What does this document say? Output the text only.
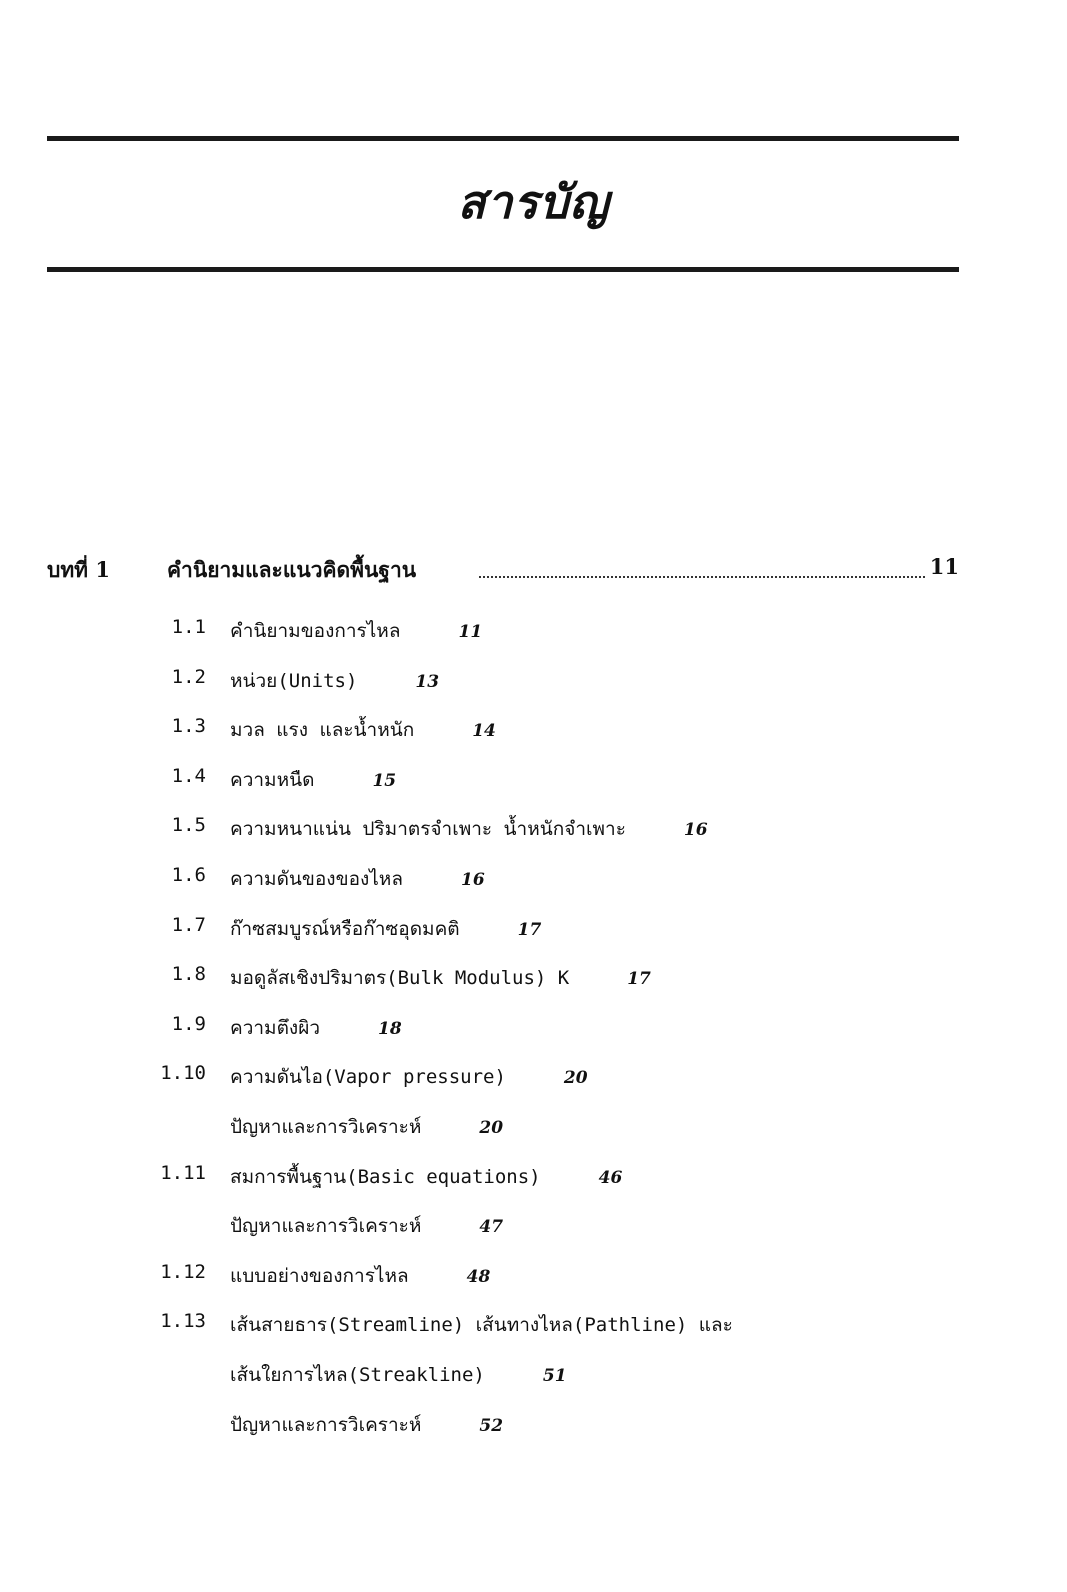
สารบัญ
บทที่ 1	คำนิยามและแนวคิดพื้นฐาน	11
1.1 คำนิยามของการไหล	11
1.2 หน่วย(Units)	13
1.3 มวล แรง และน้ำหนัก	14
1.4 ความหนืด	15
1.5 ความหนาแน่น ปริมาตรจำเพาะ น้ำหนักจำเพาะ	16
1.6 ความดันของของไหล	16
1.7 ก๊าซสมบูรณ์หรือก๊าซอุดมคติ	17
1.8 มอดูลัสเชิงปริมาตร(Bulk Modulus) K	17
1.9 ความตึงผิว	18
1.10 ความดันไอ(Vapor pressure)	20
ปัญหาและการวิเคราะห์	20
1.11 สมการพื้นฐาน(Basic equations)	46
ปัญหาและการวิเคราะห์	47
1.12 แบบอย่างของการไหล	48
1.13 เส้นสายธาร(Streamline) เส้นทางไหล(Pathline) และ
เส้นใยการไหล(Streakline)	51
ปัญหาและการวิเคราะห์	52
